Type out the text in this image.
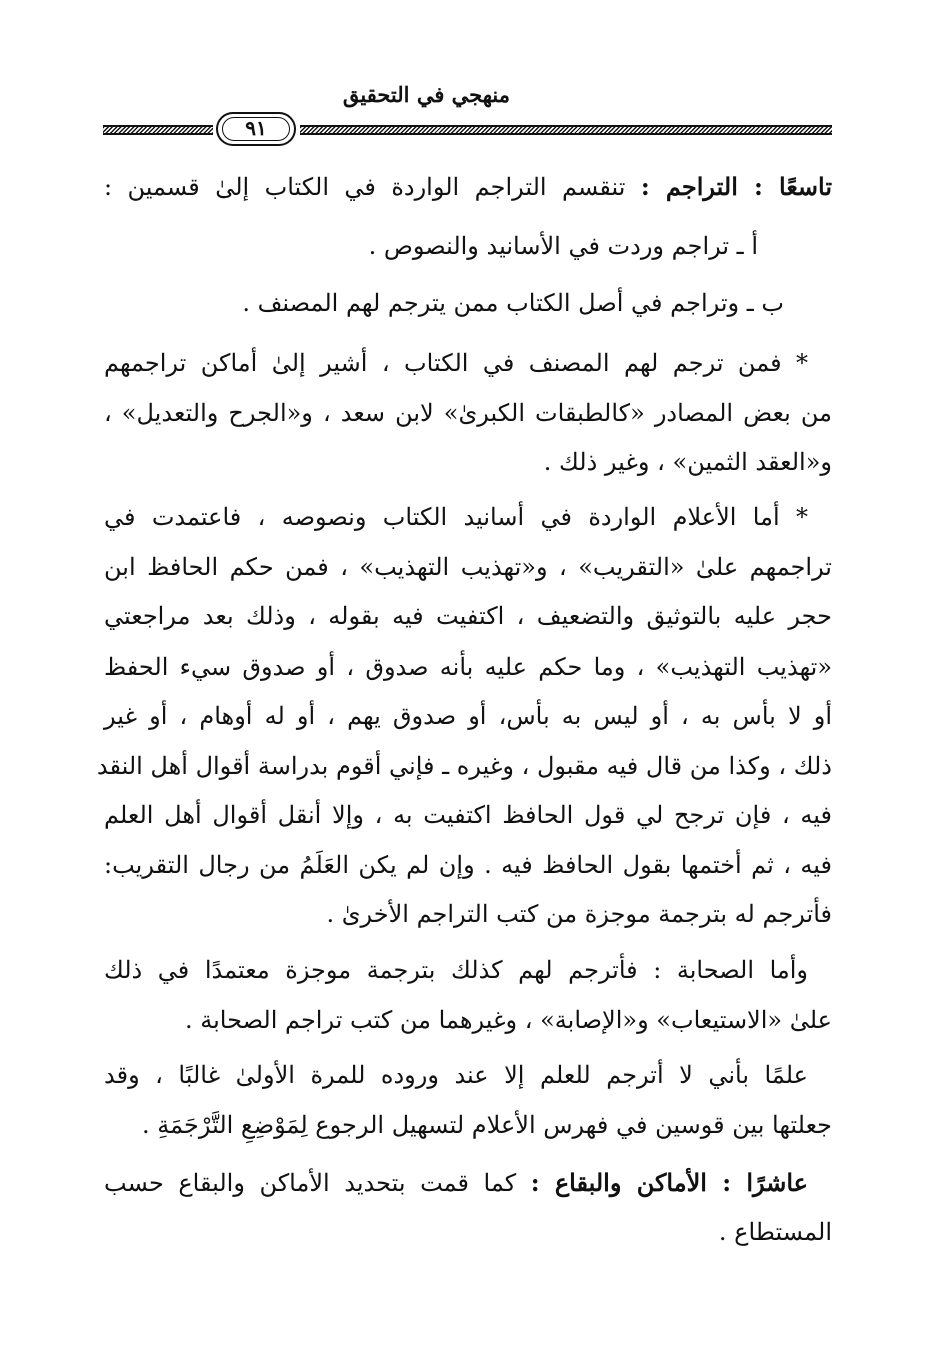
منهجي في التحقيق
٩١
تاسعًا : التراجم : تنقسم التراجم الواردة في الكتاب إلىٰ قسمين :
أ ـ تراجم وردت في الأسانيد والنصوص .
ب ـ وتراجم في أصل الكتاب ممن يترجم لهم المصنف .
* فمن ترجم لهم المصنف في الكتاب ، أشير إلىٰ أماكن تراجمهم
من بعض المصادر «كالطبقات الكبرىٰ» لابن سعد ، و«الجرح والتعديل» ،
و«العقد الثمين» ، وغير ذلك .
* أما الأعلام الواردة في أسانيد الكتاب ونصوصه ، فاعتمدت في
تراجمهم علىٰ «التقريب» ، و«تهذيب التهذيب» ، فمن حكم الحافظ ابن
حجر عليه بالتوثيق والتضعيف ، اكتفيت فيه بقوله ، وذلك بعد مراجعتي
«تهذيب التهذيب» ، وما حكم عليه بأنه صدوق ، أو صدوق سيء الحفظ
أو لا بأس به ، أو ليس به بأس، أو صدوق يهم ، أو له أوهام ، أو غير
ذلك ، وكذا من قال فيه مقبول ، وغيره ـ فإني أقوم بدراسة أقوال أهل النقد
فيه ، فإن ترجح لي قول الحافظ اكتفيت به ، وإلا أنقل أقوال أهل العلم
فيه ، ثم أختمها بقول الحافظ فيه . وإن لم يكن العَلَمُ من رجال التقريب:
فأترجم له بترجمة موجزة من كتب التراجم الأخرىٰ .
وأما الصحابة : فأترجم لهم كذلك بترجمة موجزة معتمدًا في ذلك
علىٰ «الاستيعاب» و«الإصابة» ، وغيرهما من كتب تراجم الصحابة .
علمًا بأني لا أترجم للعلم إلا عند وروده للمرة الأولىٰ غالبًا ، وقد
جعلتها بين قوسين في فهرس الأعلام لتسهيل الرجوع لِمَوْضِعِ التَّرْجَمَةِ .
عاشرًا : الأماكن والبقاع : كما قمت بتحديد الأماكن والبقاع حسب
المستطاع .
